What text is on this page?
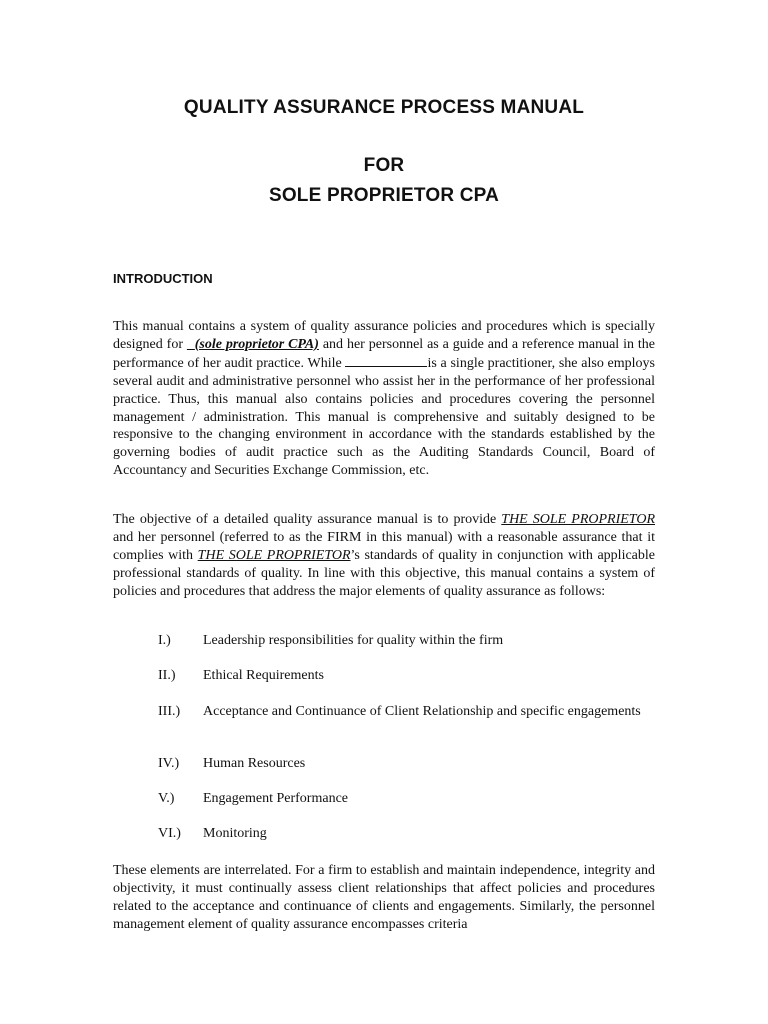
QUALITY ASSURANCE PROCESS MANUAL
FOR
SOLE PROPRIETOR CPA
INTRODUCTION

This manual contains a system of quality assurance policies and procedures which is specially designed for   (sole proprietor CPA) and her personnel as a guide and a reference manual in the performance of her audit practice. While	is a single practitioner, she also employs several audit and administrative personnel who assist her in the performance of her professional practice. Thus, this manual also contains policies and procedures covering the personnel management / administration. This manual is comprehensive and suitably designed to be responsive to the changing environment in accordance with the standards established by the governing bodies of audit practice such as the Auditing Standards Council, Board of Accountancy and Securities Exchange Commission, etc.

The objective of a detailed quality assurance manual is to provide THE SOLE PROPRIETOR and her personnel (referred to as the FIRM in this manual) with a reasonable assurance that it complies with THE SOLE PROPRIETOR’s standards of quality in conjunction with applicable professional standards of quality. In line with this objective, this manual contains a system of policies and procedures that address the major elements of quality assurance as follows:

I.) Leadership responsibilities for quality within the firm
II.) Ethical Requirements
III.) Acceptance and Continuance of Client Relationship and specific engagements
IV.) Human Resources
V.) Engagement Performance
VI.) Monitoring

These elements are interrelated. For a firm to establish and maintain independence, integrity and objectivity, it must continually assess client relationships that affect policies and procedures related to the acceptance and continuance of clients and engagements. Similarly, the personnel management element of quality assurance encompasses criteria
